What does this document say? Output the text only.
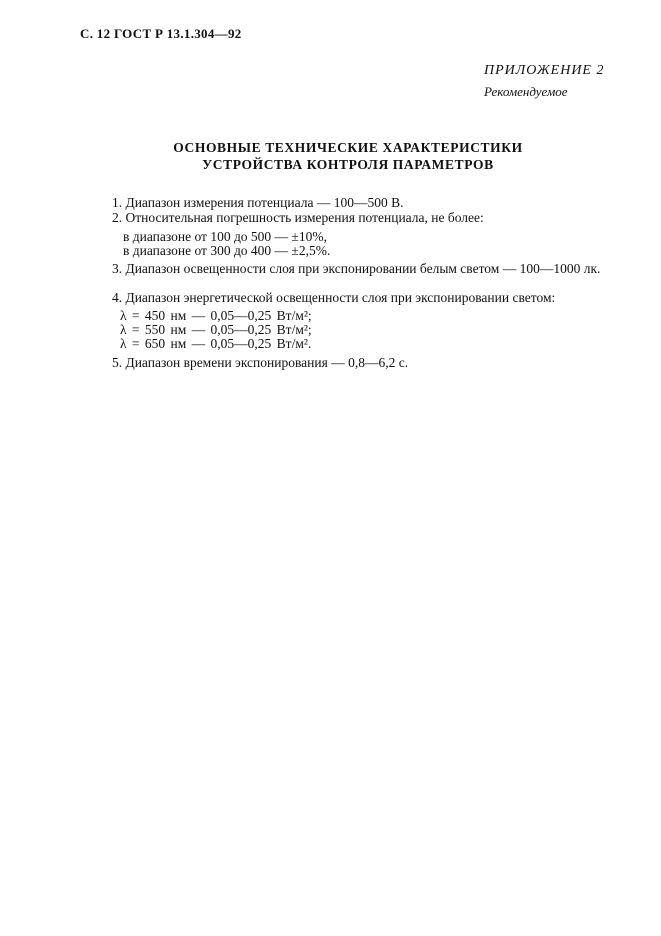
С. 12 ГОСТ Р 13.1.304—92
ПРИЛОЖЕНИЕ 2
Рекомендуемое
ОСНОВНЫЕ ТЕХНИЧЕСКИЕ ХАРАКТЕРИСТИКИ
УСТРОЙСТВА КОНТРОЛЯ ПАРАМЕТРОВ
1. Диапазон измерения потенциала — 100—500 В.
2. Относительная погрешность измерения потенциала, не более:
в диапазоне от 100 до 500 — ±10%,
в диапазоне от 300 до 400 — ±2,5%.
3. Диапазон освещенности слоя при экспонировании белым светом — 100—1000 лк.
4. Диапазон энергетической освещенности слоя при экспонировании светом:
λ = 450 нм — 0,05—0,25 Вт/м²;
λ = 550 нм — 0,05—0,25 Вт/м²;
λ = 650 нм — 0,05—0,25 Вт/м².
5. Диапазон времени экспонирования — 0,8—6,2 с.
